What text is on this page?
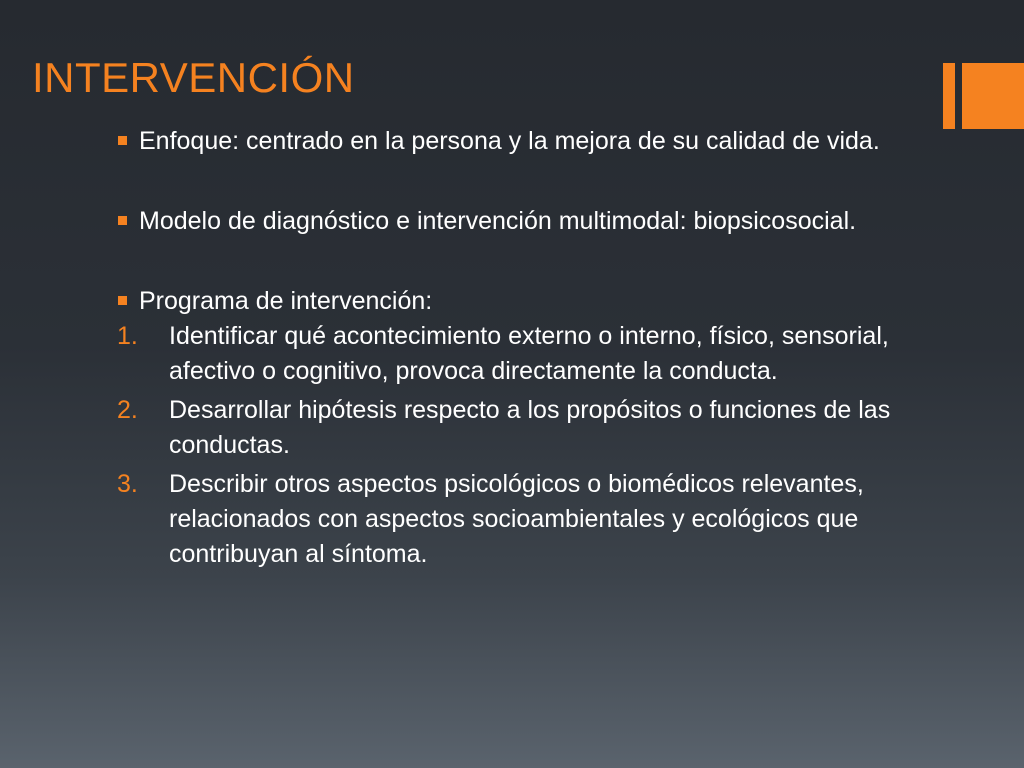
INTERVENCIÓN
Enfoque: centrado en la persona y la mejora de su calidad de vida.
Modelo de diagnóstico e intervención multimodal: biopsicosocial.
Programa de intervención:
1. Identificar qué acontecimiento externo o interno, físico, sensorial, afectivo o cognitivo, provoca directamente la conducta.
2. Desarrollar hipótesis respecto a los propósitos o funciones de las conductas.
3. Describir otros aspectos psicológicos o biomédicos relevantes, relacionados con aspectos socioambientales y ecológicos que contribuyan al síntoma.
